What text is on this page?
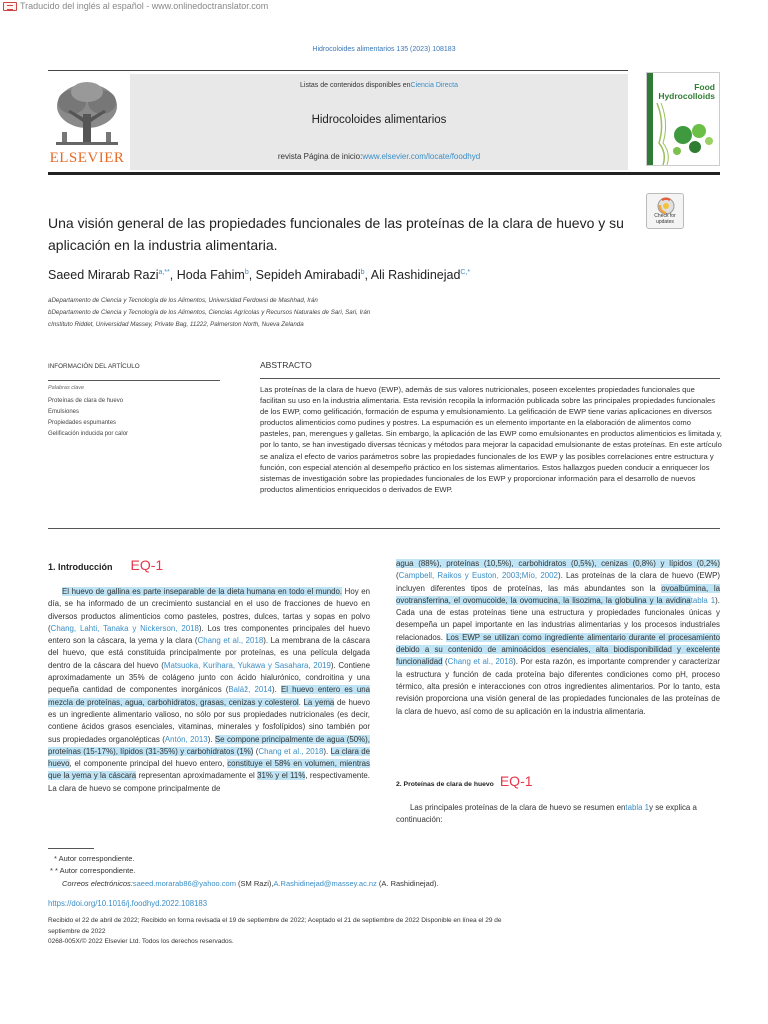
Traducido del inglés al español - www.onlinedoctranslator.com
Hidrocoloides alimentarios 135 (2023) 108183
ELSEVIER
Listas de contenidos disponibles enCiencia Directa
Hidrocoloides alimentarios
revista Página de inicio:www.elsevier.com/locate/foodhyd
Food
Hydrocolloids
Check for
updates
Una visión general de las propiedades funcionales de las proteínas de la clara de huevo y su aplicación en la industria alimentaria.
Saeed Mirarab Razi$^{a,**}$, Hoda Fahim$^b$, Sepideh Amirabadi$^b$, Ali Rashidinejad$^{C,*}$
aDepartamento de Ciencia y Tecnología de los Alimentos, Universidad Ferdowsi de Mashhad, Irán
bDepartamento de Ciencia y Tecnología de los Alimentos, Ciencias Agrícolas y Recursos Naturales de Sari, Sari, Irán
cInstituto Riddet, Universidad Massey, Private Bag, 11222, Palmerston North, Nueva Zelanda
INFORMACIÓN DEL ARTÍCULO
Palabras clave
Proteínas de clara de huevo
Emulsiones
Propiedades espumantes
Gelificación inducida por calor
ABSTRACTO
Las proteínas de la clara de huevo (EWP), además de sus valores nutricionales, poseen excelentes propiedades funcionales que facilitan su uso en la industria alimentaria. Esta revisión recopila la información publicada sobre las principales propiedades funcionales de los EWP, como gelificación, formación de espuma y emulsionamiento. La gelificación de EWP tiene varias aplicaciones en diversos productos alimenticios como pudines y postres. La espumación es un elemento importante en la elaboración de alimentos como pasteles, pan, merengues y galletas. Sin embargo, la aplicación de las EWP como emulsionantes en productos alimenticios es limitada y, por lo tanto, se han investigado diversas técnicas y métodos para mejorar la capacidad emulsionante de estas proteínas. En este artículo se analiza el efecto de varios parámetros sobre las propiedades funcionales de los EWP y las posibles correlaciones entre estructura y función, con especial atención al desempeño práctico en los sistemas alimentarios. Estos hallazgos pueden conducir a enriquecer los sistemas de investigación sobre las propiedades funcionales de los EWP y proporcionar información para el desarrollo de nuevos productos alimenticios enriquecidos o derivados de EWP.
1. Introducción EQ-1
El huevo de gallina es parte inseparable de la dieta humana en todo el mundo. Hoy en día, se ha informado de un crecimiento sustancial en el uso de fracciones de huevo en diversos productos alimenticios como pasteles, postres, dulces, tartas y sopas en polvo (Chang, Lahti, Tanaka y Nickerson, 2018). Los tres componentes principales del huevo entero son la cáscara, la yema y la clara (Chang et al., 2018). La membrana de la cáscara del huevo, que está constituida principalmente por proteínas, es una película delgada dentro de la cáscara del huevo (Matsuoka, Kurihara, Yukawa y Sasahara, 2019). Contiene aproximadamente un 35% de colágeno junto con ácido hialurónico, condroitina y una pequeña cantidad de componentes inorgánicos (Baláž, 2014). El huevo entero es una mezcla de proteínas, agua, carbohidratos, grasas, cenizas y colesterol. La yema de huevo es un ingrediente alimentario valioso, no sólo por sus propiedades nutricionales (es decir, contiene ácidos grasos esenciales, vitaminas, minerales y fosfolípidos) sino también por sus propiedades organolépticas (Antón, 2013). Se compone principalmente de agua (50%), proteínas (15-17%), lípidos (31-35%) y carbohidratos (1%) (Chang et al., 2018). La clara de huevo, el componente principal del huevo entero, constituye el 58% en volumen, mientras que la yema y la cáscara representan aproximadamente el 31% y el 11%, respectivamente. La clara de huevo se compone principalmente de
agua (88%), proteínas (10,5%), carbohidratos (0,5%), cenizas (0,8%) y lípidos (0,2%) (Campbell, Raikos y Euston, 2003;Mío, 2002). Las proteínas de la clara de huevo (EWP) incluyen diferentes tipos de proteínas, las más abundantes son la ovoalbúmina, la ovotransferrina, el ovomucoide, la ovomucina, la lisozima, la globulina y la avidinatabla 1). Cada una de estas proteínas tiene una estructura y propiedades funcionales únicas y desempeña un papel importante en las industrias alimentarias y los procesos industriales relacionados. Los EWP se utilizan como ingrediente alimentario durante el procesamiento debido a su contenido de aminoácidos esenciales, alta biodisponibilidad y excelente funcionalidad (Chang et al., 2018). Por esta razón, es importante comprender y caracterizar la estructura y función de cada proteína bajo diferentes condiciones como pH, proceso térmico, alta presión e interacciones con otros ingredientes alimentarios. Por lo tanto, esta revisión proporciona una visión general de las propiedades funcionales de las proteínas de la clara de huevo, así como de su aplicación en la industria alimentaria.
2. Proteínas de clara de huevo EQ-1
Las principales proteínas de la clara de huevo se resumen entabla 1y se explica a continuación:
* Autor correspondiente.
* * Autor correspondiente.
Correos electrónicos:saeed.morarab86@yahoo.com (SM Razi),A.Rashidinejad@massey.ac.nz (A. Rashidinejad).
https://doi.org/10.1016/j.foodhyd.2022.108183
Recibido el 22 de abril de 2022; Recibido en forma revisada el 19 de septiembre de 2022; Aceptado el 21 de septiembre de 2022 Disponible en línea el 29 de septiembre de 2022
0268-005X/© 2022 Elsevier Ltd. Todos los derechos reservados.
